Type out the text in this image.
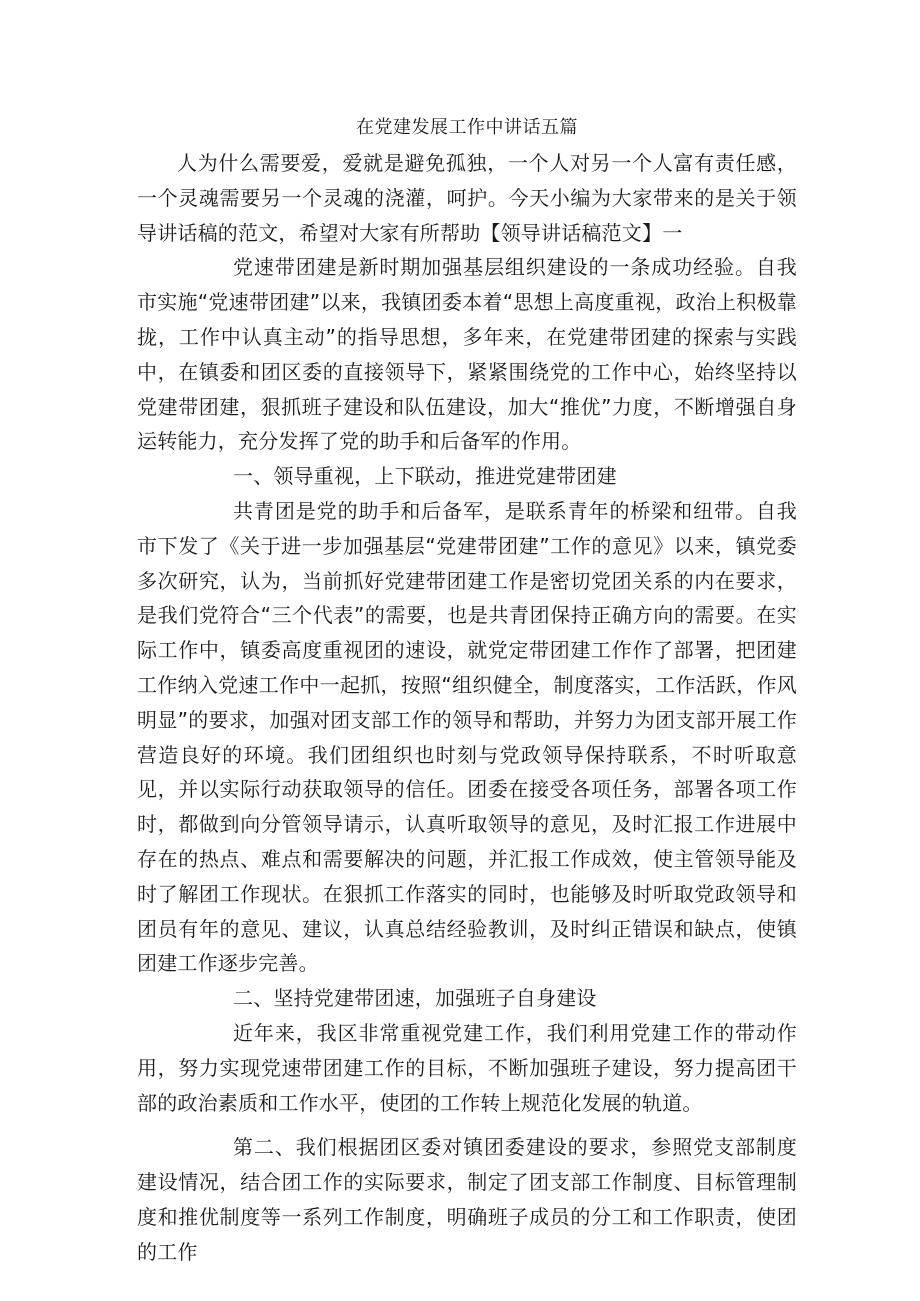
在党建发展工作中讲话五篇

人为什么需要爱，爱就是避免孤独，一个人对另一个人富有责任感，一个灵魂需要另一个灵魂的浇灌，呵护。今天小编为大家带来的是关于领导讲话稿的范文，希望对大家有所帮助【领导讲话稿范文】一

党速带团建是新时期加强基层组织建设的一条成功经验。自我市实施“党速带团建”以来，我镇团委本着“思想上高度重视，政治上积极靠拢，工作中认真主动”的指导思想，多年来，在党建带团建的探索与实践中，在镇委和团区委的直接领导下，紧紧围绕党的工作中心，始终坚持以党建带团建，狠抓班子建设和队伍建设，加大“推优”力度，不断增强自身运转能力，充分发挥了党的助手和后备军的作用。

一、领导重视，上下联动，推进党建带团建

共青团是党的助手和后备军，是联系青年的桥梁和纽带。自我市下发了《关于进一步加强基层“党建带团建”工作的意见》以来，镇党委多次研究，认为，当前抓好党建带团建工作是密切党团关系的内在要求，是我们党符合“三个代表”的需要，也是共青团保持正确方向的需要。在实际工作中，镇委高度重视团的速设，就党定带团建工作作了部署，把团建工作纳入党速工作中一起抓，按照“组织健全，制度落实，工作活跃，作风明显”的要求，加强对团支部工作的领导和帮助，并努力为团支部开展工作营造良好的环境。我们团组织也时刻与党政领导保持联系，不时听取意见，并以实际行动获取领导的信任。团委在接受各项任务，部署各项工作时，都做到向分管领导请示，认真听取领导的意见，及时汇报工作进展中存在的热点、难点和需要解决的问题，并汇报工作成效，使主管领导能及时了解团工作现状。在狠抓工作落实的同时，也能够及时听取党政领导和团员有年的意见、建议，认真总结经验教训，及时纠正错误和缺点，使镇团建工作逐步完善。

二、坚持党建带团速，加强班子自身建设

近年来，我区非常重视党建工作，我们利用党建工作的带动作用，努力实现党速带团建工作的目标，不断加强班子建设，努力提高团干部的政治素质和工作水平，使团的工作转上规范化发展的轨道。

第二、我们根据团区委对镇团委建设的要求，参照党支部制度建设情况，结合团工作的实际要求，制定了团支部工作制度、目标管理制度和推优制度等一系列工作制度，明确班子成员的分工和工作职责，使团的工作
